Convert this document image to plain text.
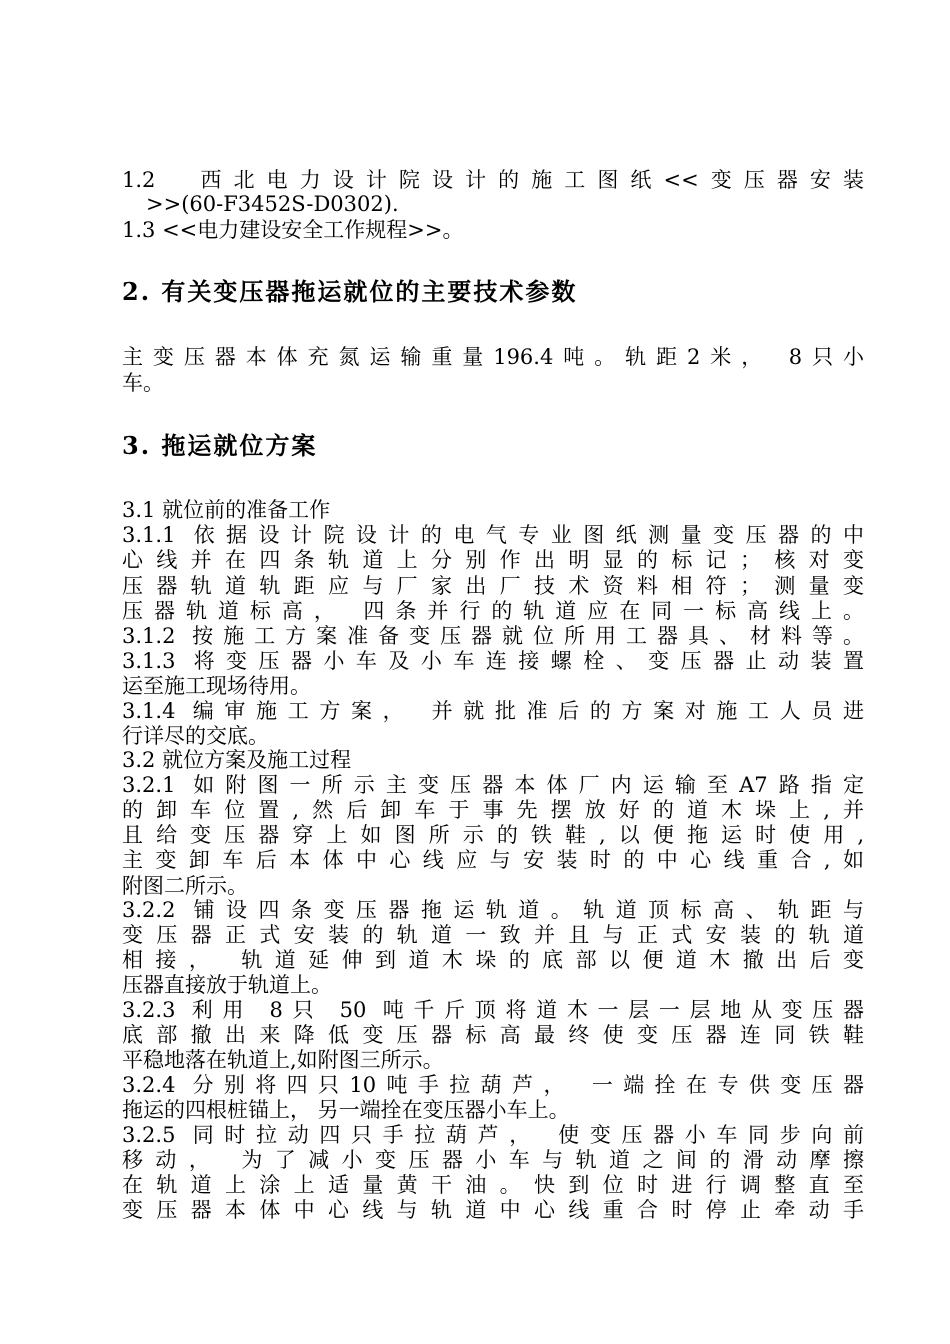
1.2　西北电力设计院设计的施工图纸<<变压器安装
>>(60-F3452S-D0302).
1.3 <<电力建设安全工作规程>>。
2. 有关变压器拖运就位的主要技术参数
主变压器本体充氮运输重量196.4吨。轨距2米， 8只小
车。
3. 拖运就位方案
3.1 就位前的准备工作
3.1.1 依据设计院设计的电气专业图纸测量变压器的中
心线并在四条轨道上分别作出明显的标记；核对变
压器轨道轨距应与厂家出厂技术资料相符；测量变
压器轨道标高， 四条并行的轨道应在同一标高线上。
3.1.2 按施工方案准备变压器就位所用工器具、材料等。
3.1.3 将变压器小车及小车连接螺栓、变压器止动装置
运至施工现场待用。
3.1.4 编审施工方案， 并就批准后的方案对施工人员进
行详尽的交底。
3.2 就位方案及施工过程
3.2.1 如附图一所示主变压器本体厂内运输至A7路指定
的卸车位置,然后卸车于事先摆放好的道木垛上,并
且给变压器穿上如图所示的铁鞋,以便拖运时使用,
主变卸车后本体中心线应与安装时的中心线重合,如
附图二所示。
3.2.2 铺设四条变压器拖运轨道。轨道顶标高、轨距与
变压器正式安装的轨道一致并且与正式安装的轨道
相接， 轨道延伸到道木垛的底部以便道木撤出后变
压器直接放于轨道上。
3.2.3 利用 8只 50 吨千斤顶将道木一层一层地从变压器
底部撤出来降低变压器标高最终使变压器连同铁鞋
平稳地落在轨道上,如附图三所示。
3.2.4 分别将四只10吨手拉葫芦， 一端拴在专供变压器
拖运的四根桩锚上， 另一端拴在变压器小车上。
3.2.5 同时拉动四只手拉葫芦， 使变压器小车同步向前
移动， 为了减小变压器小车与轨道之间的滑动摩擦
在轨道上涂上适量黄干油。快到位时进行调整直至
变压器本体中心线与轨道中心线重合时停止牵动手
